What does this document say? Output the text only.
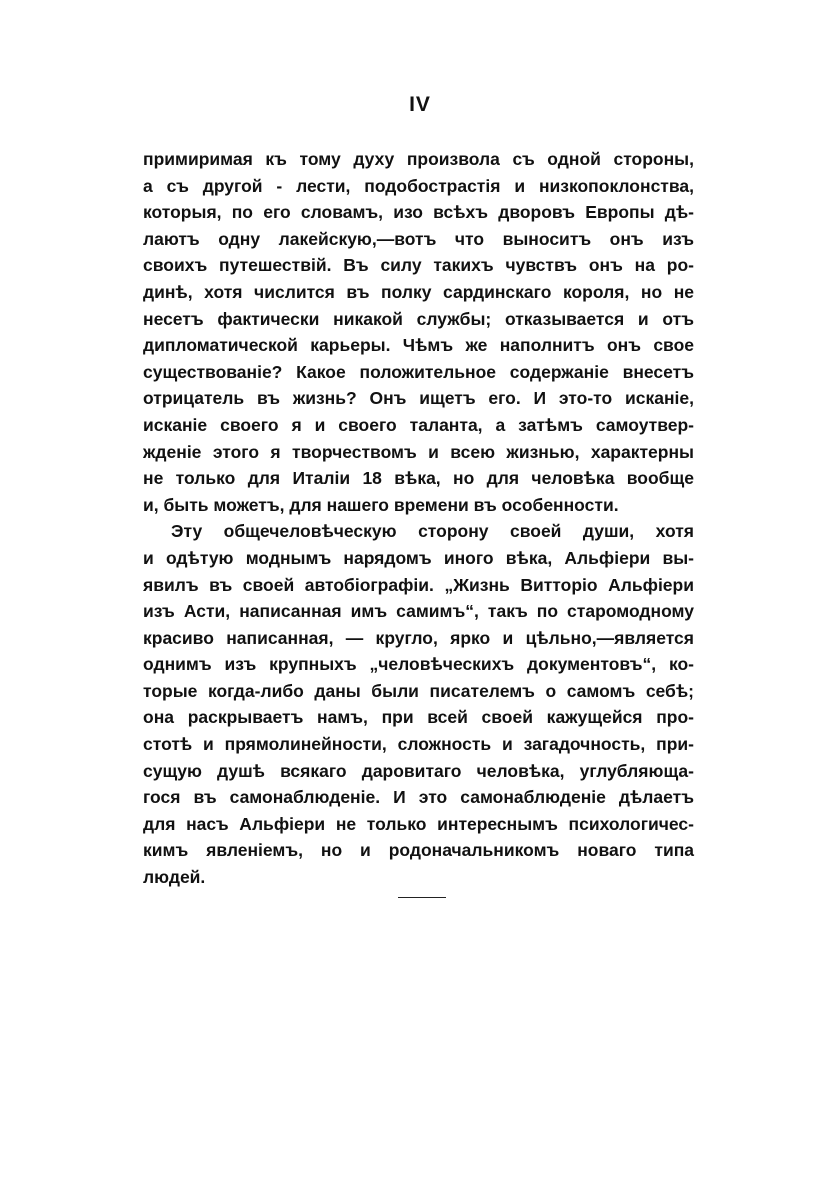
IV
примиримая къ тому духу произвола съ одной стороны,
а съ другой - лести, подобострастія и низкопоклонства,
которыя, по его словамъ, изо всѣхъ дворовъ Европы дѣ-
лаютъ одну лакейскую,—вотъ что выноситъ онъ изъ
своихъ путешествій. Въ силу такихъ чувствъ онъ на ро-
динѣ, хотя числится въ полку сардинскаго короля, но не
несетъ фактически никакой службы; отказывается и отъ
дипломатической карьеры. Чѣмъ же наполнитъ онъ свое
существованіе? Какое положительное содержаніе внесетъ
отрицатель въ жизнь? Онъ ищетъ его. И это-то исканіе,
исканіе своего я и своего таланта, а затѣмъ самоутвер-
жденіе этого я творчествомъ и всею жизнью, характерны
не только для Италіи 18 вѣка, но для человѣка вообще
и, быть можетъ, для нашего времени въ особенности.
Эту общечеловѣческую сторону своей души, хотя
и одѣтую моднымъ нарядомъ иного вѣка, Альфіери вы-
явилъ въ своей автобіографіи. „Жизнь Витторіо Альфіери
изъ Асти, написанная имъ самимъ“, такъ по старомодному
красиво написанная, — кругло, ярко и цѣльно,—является
однимъ изъ крупныхъ „человѣческихъ документовъ“, ко-
торые когда-либо даны были писателемъ о самомъ себѣ;
она раскрываетъ намъ, при всей своей кажущейся про-
стотѣ и прямолинейности, сложность и загадочность, при-
сущую душѣ всякаго даровитаго человѣка, углубляюща-
гося въ самонаблюденіе. И это самонаблюденіе дѣлаетъ
для насъ Альфіери не только интереснымъ психологичес-
кимъ явленіемъ, но и родоначальникомъ новаго типа
людей.
